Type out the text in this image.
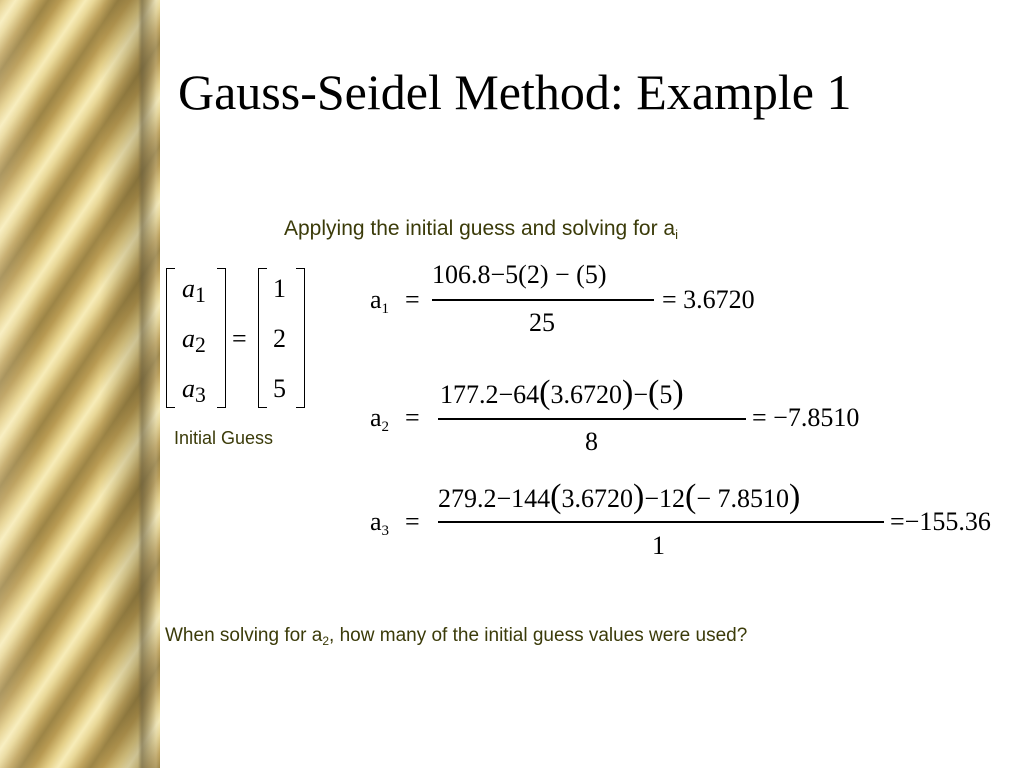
Gauss-Seidel Method: Example 1
Applying the initial guess and solving for $a_i$
$a_1$
$a_2$
$a_3$
=
1
2
5
Initial Guess
$a_1$ =
106.8−5(2) − (5)
25
= 3.6720
$a_2$ =
177.2−64(3.6720)−(5)
8
= −7.8510
$a_3$ =
279.2−144(3.6720)−12(− 7.8510)
1
=−155.36
When solving for $a_2$, how many of the initial guess values were used?
